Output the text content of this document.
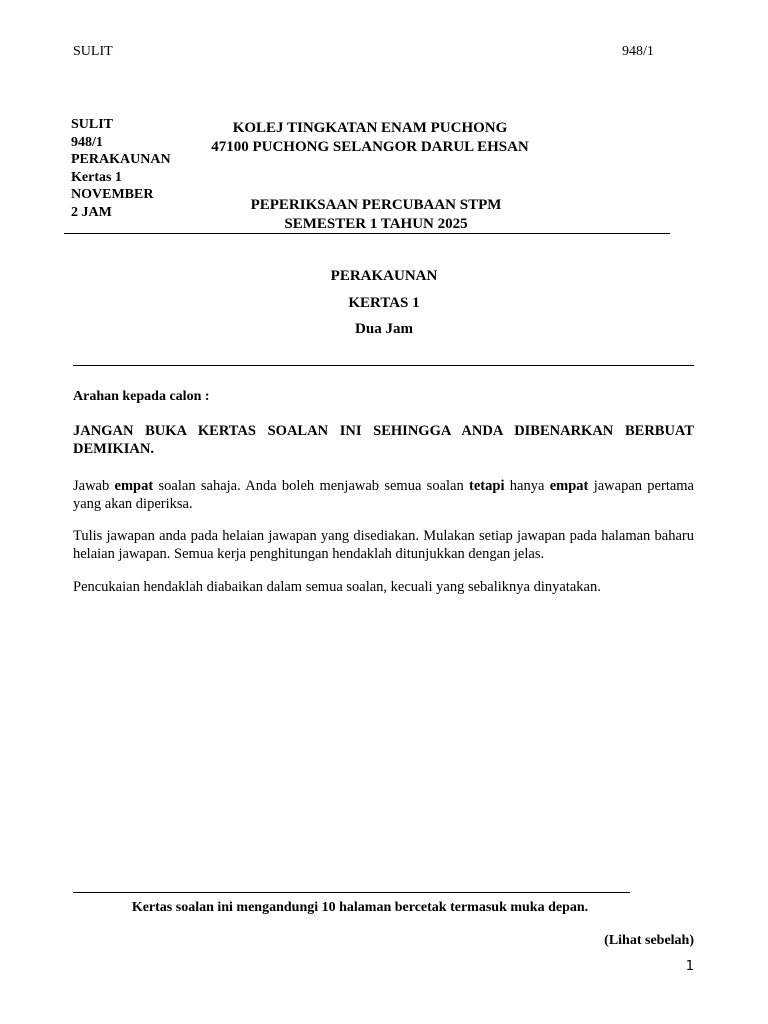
SULIT	948/1
SULIT
948/1
PERAKAUNAN
Kertas 1
NOVEMBER
2 JAM
KOLEJ TINGKATAN ENAM PUCHONG
47100 PUCHONG SELANGOR DARUL EHSAN
PEPERIKSAAN PERCUBAAN STPM
SEMESTER 1 TAHUN 2025
PERAKAUNAN
KERTAS 1
Dua Jam
Arahan kepada calon :
JANGAN BUKA KERTAS SOALAN INI SEHINGGA ANDA DIBENARKAN BERBUAT DEMIKIAN.
Jawab empat soalan sahaja. Anda boleh menjawab semua soalan tetapi hanya empat jawapan pertama yang akan diperiksa.
Tulis jawapan anda pada helaian jawapan yang disediakan. Mulakan setiap jawapan pada halaman baharu helaian jawapan. Semua kerja penghitungan hendaklah ditunjukkan dengan jelas.
Pencukaian hendaklah diabaikan dalam semua soalan, kecuali yang sebaliknya dinyatakan.
Kertas soalan ini mengandungi 10 halaman bercetak termasuk muka depan.
(Lihat sebelah)
1
